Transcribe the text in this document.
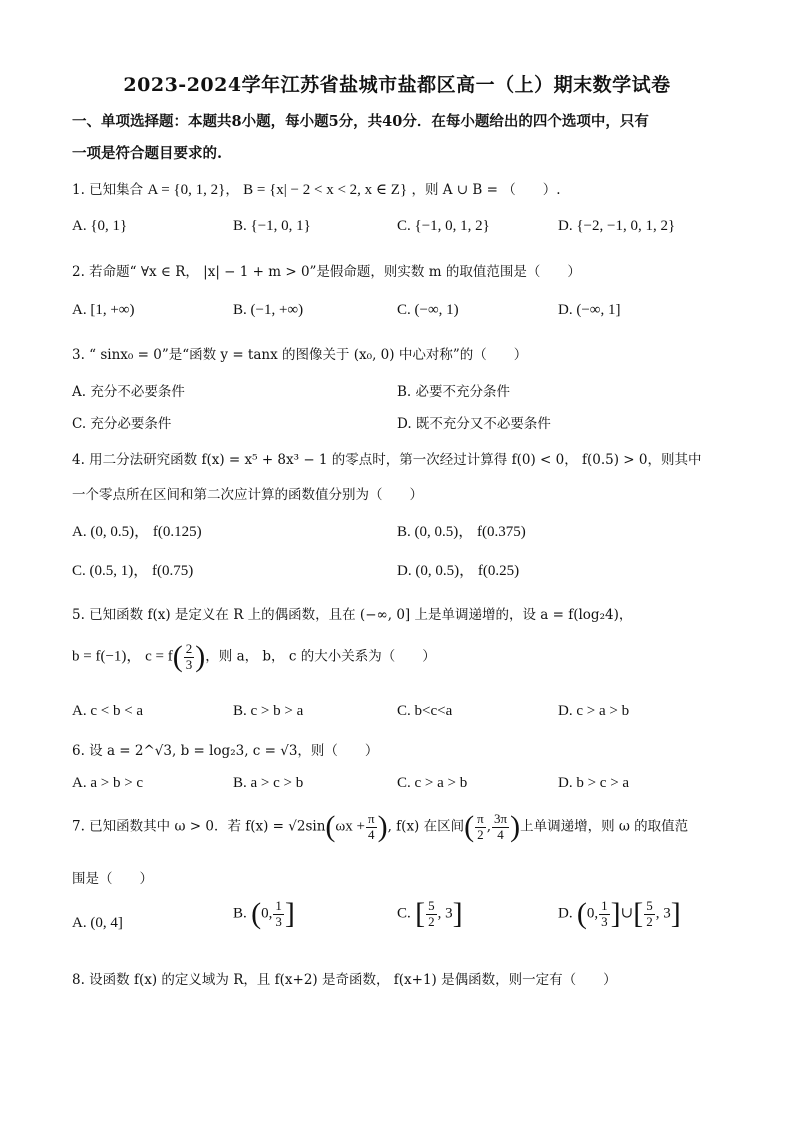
2023-2024学年江苏省盐城市盐都区高一（上）期末数学试卷
一、单项选择题：本题共8小题，每小题5分，共40分．在每小题给出的四个选项中，只有
一项是符合题目要求的.
1. 已知集合 A = {0, 1, 2}， B = {x| − 2 < x < 2, x ∈ Z} ，则 A ∪ B = （　　）.
A. {0, 1}	B. {−1, 0, 1}	C. {−1, 0, 1, 2}	D. {−2, −1, 0, 1, 2}
2. 若命题“ ∀x ∈ R， |x| − 1 + m > 0”是假命题，则实数 m 的取值范围是（　　）
A. [1, +∞)	B. (−1, +∞)	C. (−∞, 1)	D. (−∞, 1]
3. “ sinx₀ = 0”是“函数 y = tanx 的图像关于 (x₀, 0) 中心对称”的（　　）
A. 充分不必要条件	B. 必要不充分条件
C. 充分必要条件	D. 既不充分又不必要条件
4. 用二分法研究函数 f(x) = x⁵ + 8x³ − 1 的零点时，第一次经过计算得 f(0) < 0， f(0.5) > 0，则其中
一个零点所在区间和第二次应计算的函数值分别为（　　）
A. (0, 0.5)， f(0.125)	B. (0, 0.5)， f(0.375)
C. (0.5, 1)， f(0.75)	D. (0, 0.5)， f(0.25)
5. 已知函数 f(x) 是定义在 R 上的偶函数，且在 (−∞, 0] 上是单调递增的，设 a = f(log₂4)，
b = f(−1)， $c = f( \frac{2}{3}$ )，则 a， b， c 的大小关系为（　　）
A. c < b < a	B. c > b > a	C. b<c<a	D. c > a > b
6. 设 a = 2^√3, b = log₂3, c = √3，则（　　）
A. a > b > c	B. a > c > b	C. c > a > b	D. b > c > a
7. 已知函数其中 ω > 0．若 $f(x) = √2\sin(\omega x + \frac{\pi}{4}$ ), f(x) 在区间( $\frac{\pi}{2}$ , $\frac{3\pi}{4}$ )上单调递增，则 ω 的取值范
围是（　　）
A. (0, 4]
B. (0, $\frac{1}{3}$ ]	C. [ $\frac{5}{2}$ , 3]	D. (0, $\frac{1}{3}$ ]∪[ $\frac{5}{2}$ , 3]
8. 设函数 f(x) 的定义域为 R，且 f(x+2) 是奇函数， f(x+1) 是偶函数，则一定有（　　）
